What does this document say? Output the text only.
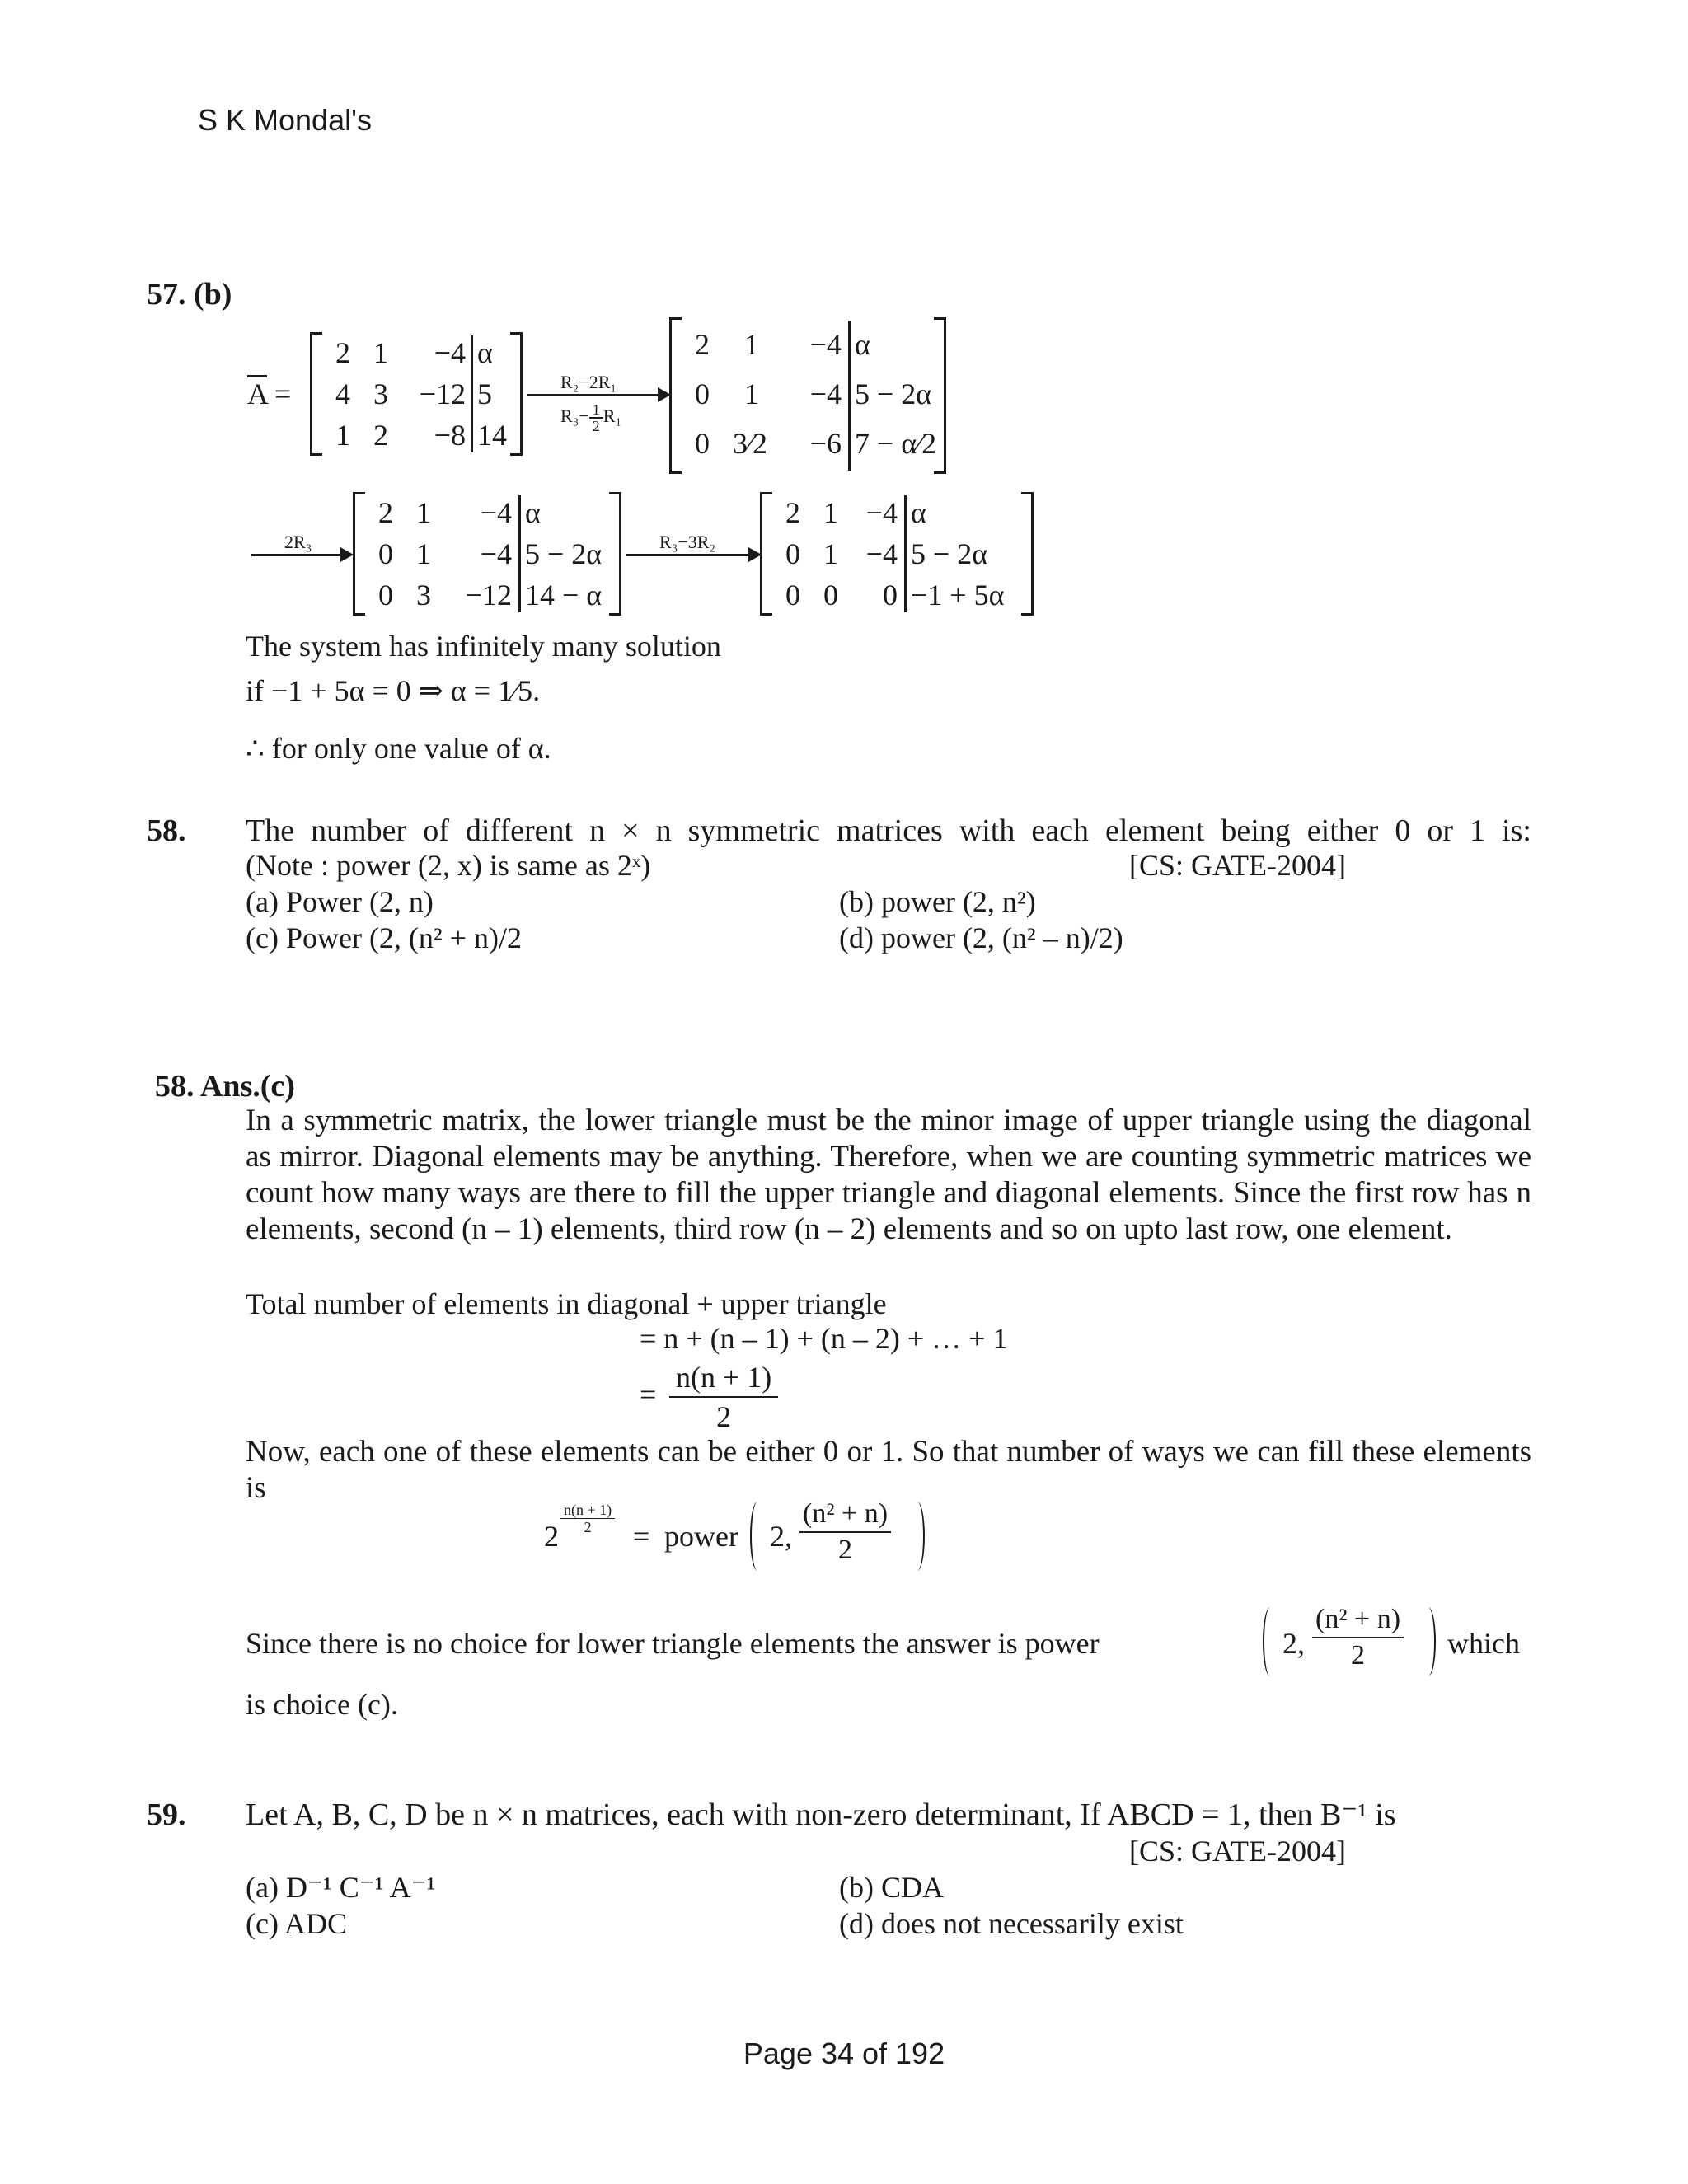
S K Mondal's
57. (b)
$\overline{A}$ =
2 1	−4 α
4 3	−12 5
1 2	−8 14
R₂−2R₁
$R_3- \frac{1}{2} R_1$
2	1	−4 α
0	1	−4 5 − 2α
0 3⁄2	−6 7 − α⁄2
2R₃
2 1	−4 α
0 1	−4 5 − 2α
0 3	−12 14 − α
R₃−3R₂
2 1 −4 α
0 1 −4 5 − 2α
0 0	0 −1 + 5α
The system has infinitely many solution
if −1 + 5α = 0 ⇒ α = 1⁄5.
∴ for only one value of α.
58. The number of different n × n symmetric matrices with each element being either 0 or 1 is:
(Note : power (2, x) is same as 2ˣ)	[CS: GATE-2004]
(a) Power (2, n)	(b) power (2, n²)
(c) Power (2, (n² + n)/2	(d) power (2, (n² – n)/2)
58. Ans.(c)
In a symmetric matrix, the lower triangle must be the minor image of upper triangle using the diagonal as mirror. Diagonal elements may be anything. Therefore, when we are counting symmetric matrices we count how many ways are there to fill the upper triangle and diagonal elements. Since the first row has n elements, second (n – 1) elements, third row (n – 2) elements and so on upto last row, one element.
Total number of elements in diagonal + upper triangle
= n + (n – 1) + (n – 2) + … + 1
= $\frac{n(n + 1)}{2}$
Now, each one of these elements can be either 0 or 1. So that number of ways we can fill these elements is
2
$\frac{n(n + 1)}{2}$
= power 2, $\frac{\text{(n² + n)}}{2}$
Since there is no choice for lower triangle elements the answer is power	2, $\frac{\text{(n² + n)}}{2}$ which
is choice (c).
59. Let A, B, C, D be n × n matrices, each with non-zero determinant, If ABCD = 1, then B⁻¹ is
[CS: GATE-2004]
(a) D⁻¹ C⁻¹ A⁻¹	(b) CDA
(c) ADC	(d) does not necessarily exist
Page 34 of 192
